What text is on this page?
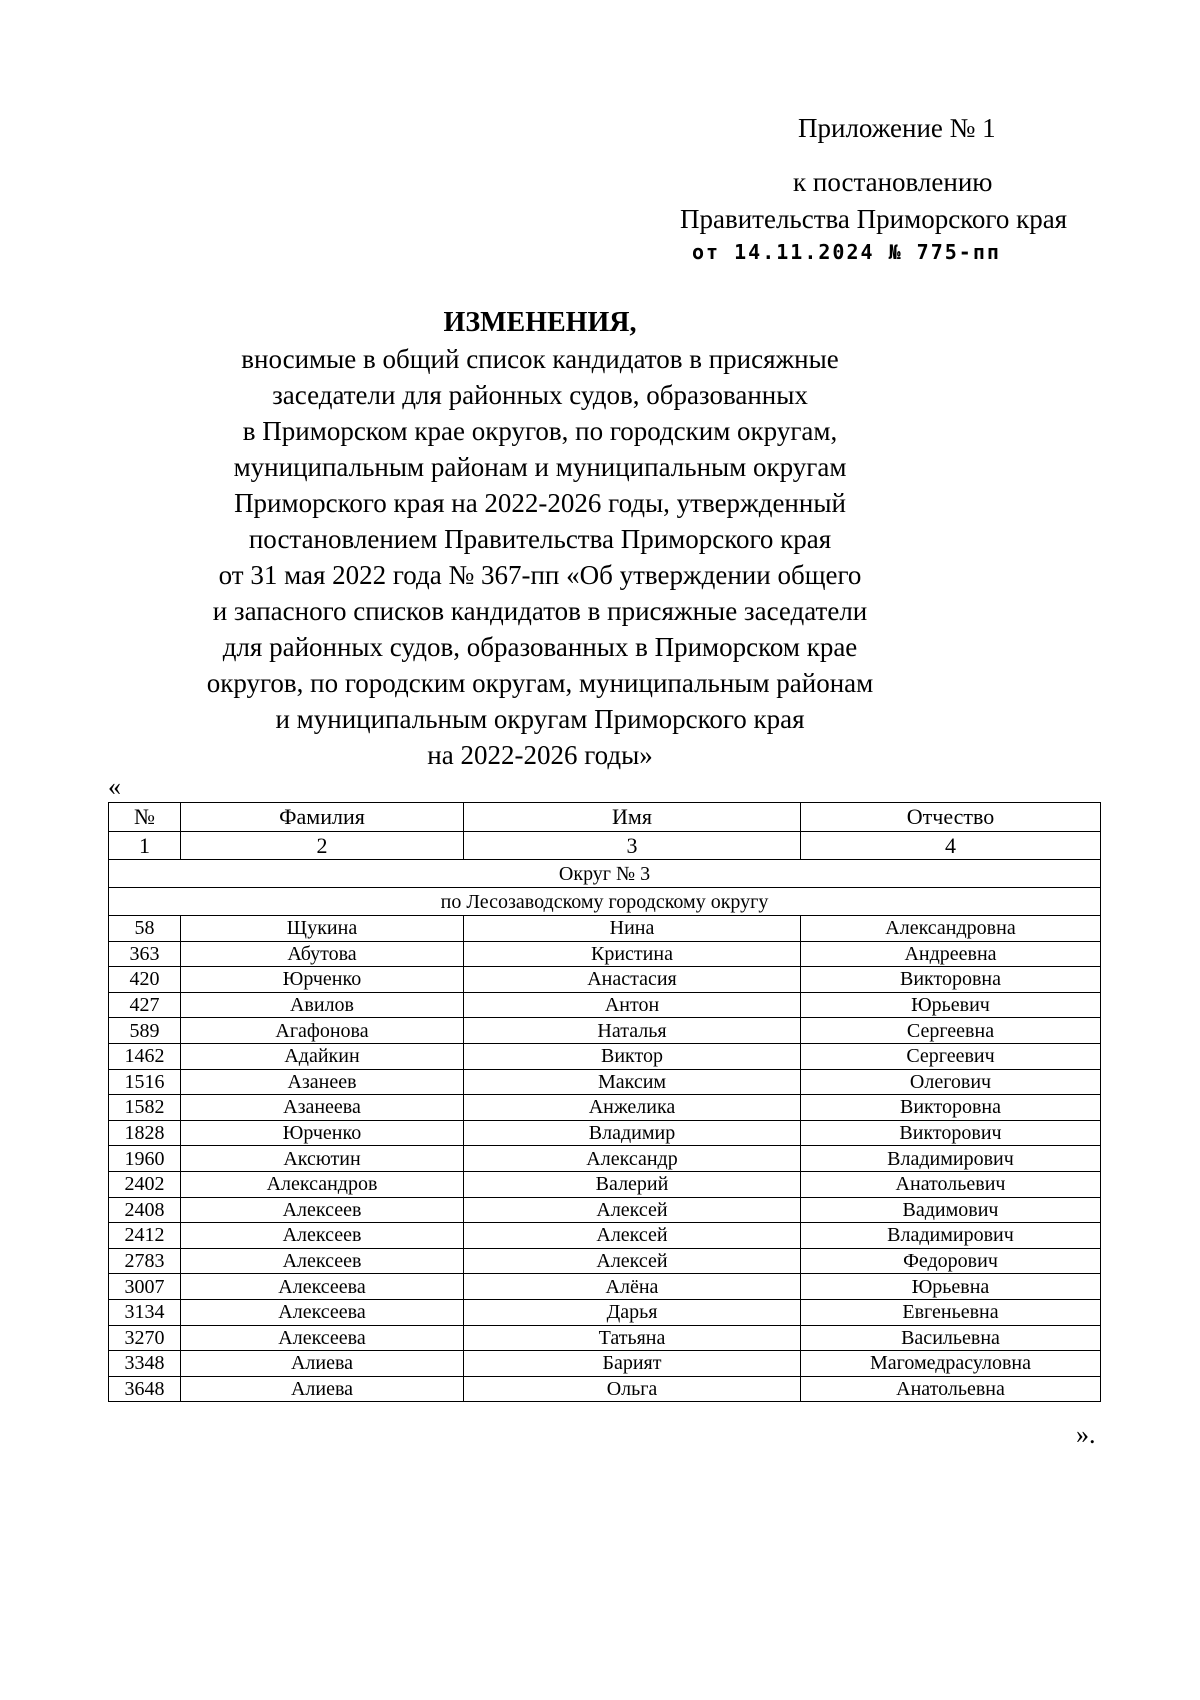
Приложение № 1
к постановлению
Правительства Приморского края
от 14.11.2024 № 775-пп
ИЗМЕНЕНИЯ,
вносимые в общий список кандидатов в присяжные
заседатели для районных судов, образованных
в Приморском крае округов, по городским округам,
муниципальным районам и муниципальным округам
Приморского края на 2022-2026 годы, утвержденный
постановлением Правительства Приморского края
от 31 мая 2022 года № 367-пп «Об утверждении общего
и запасного списков кандидатов в присяжные заседатели
для районных судов, образованных в Приморском крае
округов, по городским округам, муниципальным районам
и муниципальным округам Приморского края
на 2022-2026 годы»
«
№	Фамилия	Имя	Отчество
1	2	3	4
Округ № 3			
по Лесозаводскому городскому округу			
58	Щукина	Нина	Александровна
363	Абутова	Кристина	Андреевна
420	Юрченко	Анастасия	Викторовна
427	Авилов	Антон	Юрьевич
589	Агафонова	Наталья	Сергеевна
1462	Адайкин	Виктор	Сергеевич
1516	Азанеев	Максим	Олегович
1582	Азанеева	Анжелика	Викторовна
1828	Юрченко	Владимир	Викторович
1960	Аксютин	Александр	Владимирович
2402	Александров	Валерий	Анатольевич
2408	Алексеев	Алексей	Вадимович
2412	Алексеев	Алексей	Владимирович
2783	Алексеев	Алексей	Федорович
3007	Алексеева	Алёна	Юрьевна
3134	Алексеева	Дарья	Евгеньевна
3270	Алексеева	Татьяна	Васильевна
3348	Алиева	Барият	Магомедрасуловна
3648	Алиева	Ольга	Анатольевна
».
